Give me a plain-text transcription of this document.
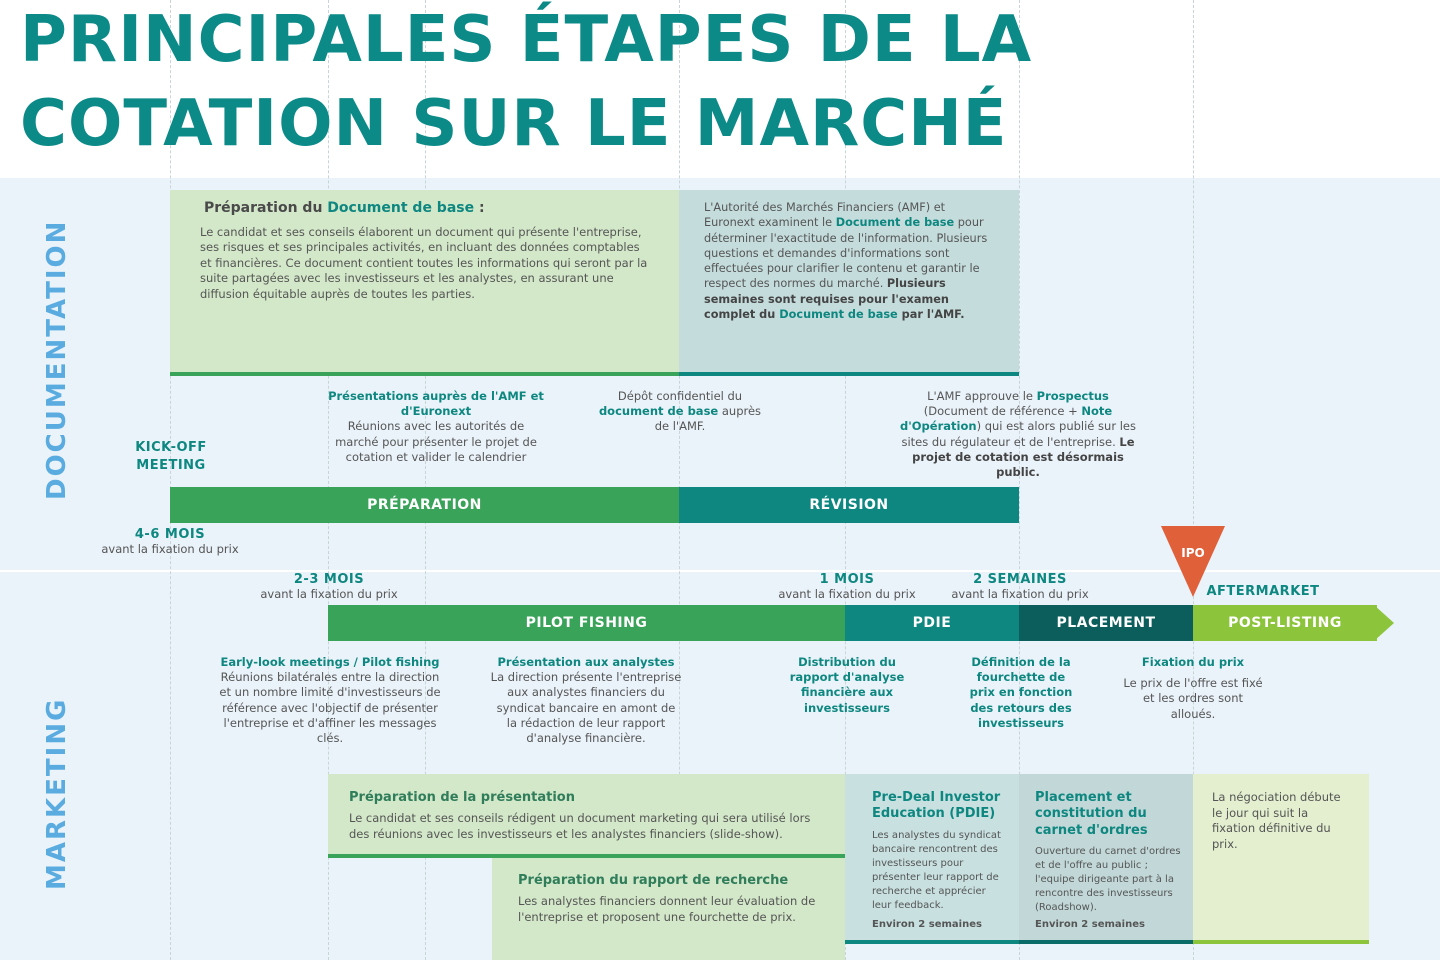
PRINCIPALES ÉTAPES DE LA
COTATION SUR LE MARCHÉ
DOCUMENTATION
MARKETING
Préparation du Document de base :
Le candidat et ses conseils élaborent un document qui présente l'entreprise, ses risques et ses principales activités, en incluant des données comptables et financières. Ce document contient toutes les informations qui seront par la suite partagées avec les investisseurs et les analystes, en assurant une diffusion équitable auprès de toutes les parties.
L'Autorité des Marchés Financiers (AMF) et Euronext examinent le Document de base pour déterminer l'exactitude de l'information. Plusieurs questions et demandes d'informations sont effectuées pour clarifier le contenu et garantir le respect des normes du marché. Plusieurs semaines sont requises pour l'examen complet du Document de base par l'AMF.
Présentations auprès de l'AMF et d'Euronext
Réunions avec les autorités de marché pour présenter le projet de cotation et valider le calendrier
Dépôt confidentiel du
document de base auprès de l'AMF.
L'AMF approuve le Prospectus (Document de référence + Note d'Opération) qui est alors publié sur les sites du régulateur et de l'entreprise. Le projet de cotation est désormais public.
KICK-OFF
MEETING
PRÉPARATION	RÉVISION
4-6 MOIS
avant la fixation du prix
2-3 MOIS
avant la fixation du prix
1 MOIS
avant la fixation du prix
2 SEMAINES
avant la fixation du prix
IPO
AFTERMARKET
PILOT FISHING	PDIE	PLACEMENT	POST-LISTING
Early-look meetings / Pilot fishing
Réunions bilatérales entre la direction et un nombre limité d'investisseurs de référence avec l'objectif de présenter l'entreprise et d'affiner les messages clés.
Présentation aux analystes
La direction présente l'entreprise aux analystes financiers du syndicat bancaire en amont de la rédaction de leur rapport d'analyse financière.
Distribution du rapport d'analyse financière aux investisseurs
Définition de la fourchette de prix en fonction des retours des investisseurs
Fixation du prix
Le prix de l'offre est fixé et les ordres sont alloués.
Préparation de la présentation
Le candidat et ses conseils rédigent un document marketing qui sera utilisé lors des réunions avec les investisseurs et les analystes financiers (slide-show).
Préparation du rapport de recherche
Les analystes financiers donnent leur évaluation de l'entreprise et proposent une fourchette de prix.
Pre-Deal Investor Education (PDIE)
Les analystes du syndicat bancaire rencontrent des investisseurs pour présenter leur rapport de recherche et apprécier leur feedback.
Environ 2 semaines
Placement et constitution du carnet d'ordres
Ouverture du carnet d'ordres et de l'offre au public ; l'equipe dirigeante part à la rencontre des investisseurs (Roadshow).
Environ 2 semaines
La négociation débute le jour qui suit la fixation définitive du prix.
